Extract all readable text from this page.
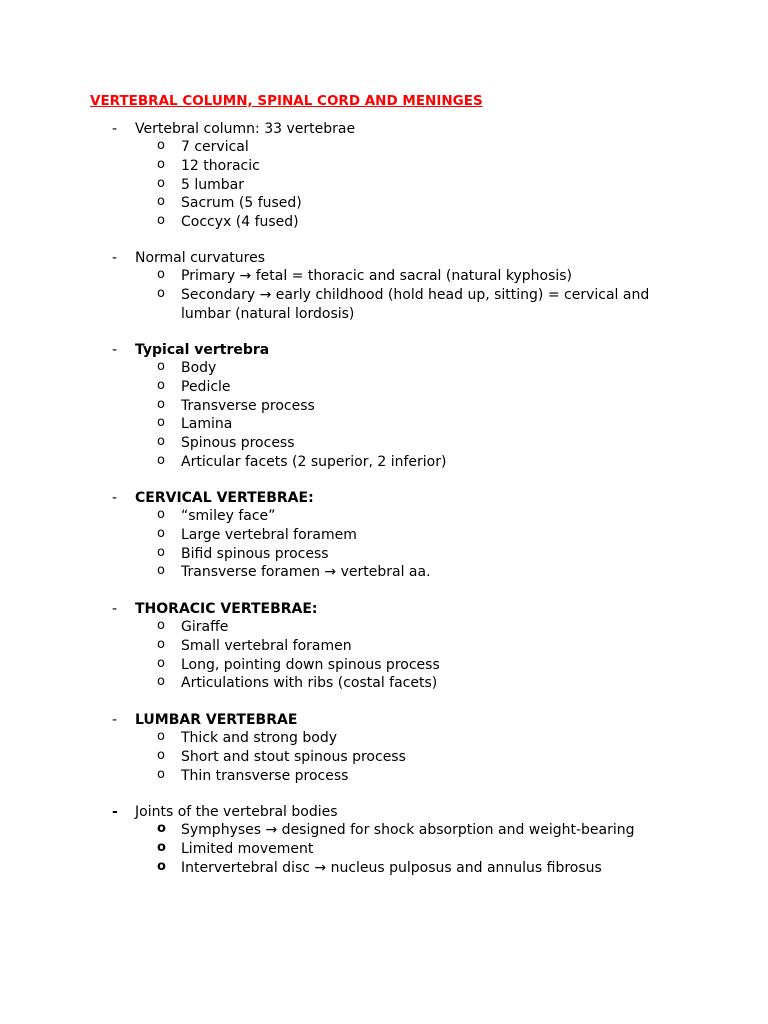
VERTEBRAL COLUMN, SPINAL CORD AND MENINGES
- Vertebral column: 33 vertebrae
o 7 cervical
o 12 thoracic
o 5 lumbar
o Sacrum (5 fused)
o Coccyx (4 fused)
- Normal curvatures
o Primary → fetal = thoracic and sacral (natural kyphosis)
o Secondary → early childhood (hold head up, sitting) = cervical and lumbar (natural lordosis)
- Typical vertrebra
o Body
o Pedicle
o Transverse process
o Lamina
o Spinous process
o Articular facets (2 superior, 2 inferior)
- CERVICAL VERTEBRAE:
o “smiley face”
o Large vertebral foramem
o Bifid spinous process
o Transverse foramen → vertebral aa.
- THORACIC VERTEBRAE:
o Giraffe
o Small vertebral foramen
o Long, pointing down spinous process
o Articulations with ribs (costal facets)
- LUMBAR VERTEBRAE
o Thick and strong body
o Short and stout spinous process
o Thin transverse process
- Joints of the vertebral bodies
o Symphyses → designed for shock absorption and weight-bearing
o Limited movement
o Intervertebral disc → nucleus pulposus and annulus fibrosus
